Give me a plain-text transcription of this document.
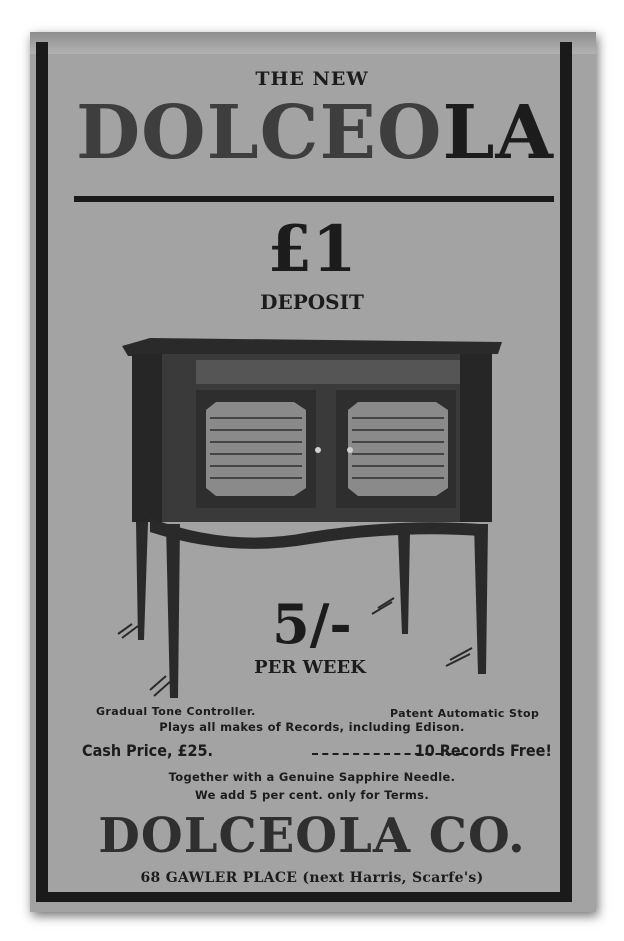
THE NEW
DOLCEOLA
£1
DEPOSIT
5/-
PER WEEK
Gradual Tone Controller.	Patent Automatic Stop
Plays all makes of Records, including Edison.
Cash Price, £25.	10 Records Free!
Together with a Genuine Sapphire Needle.
We add 5 per cent. only for Terms.
DOLCEOLA CO.
68 GAWLER PLACE (next Harris, Scarfe's)
